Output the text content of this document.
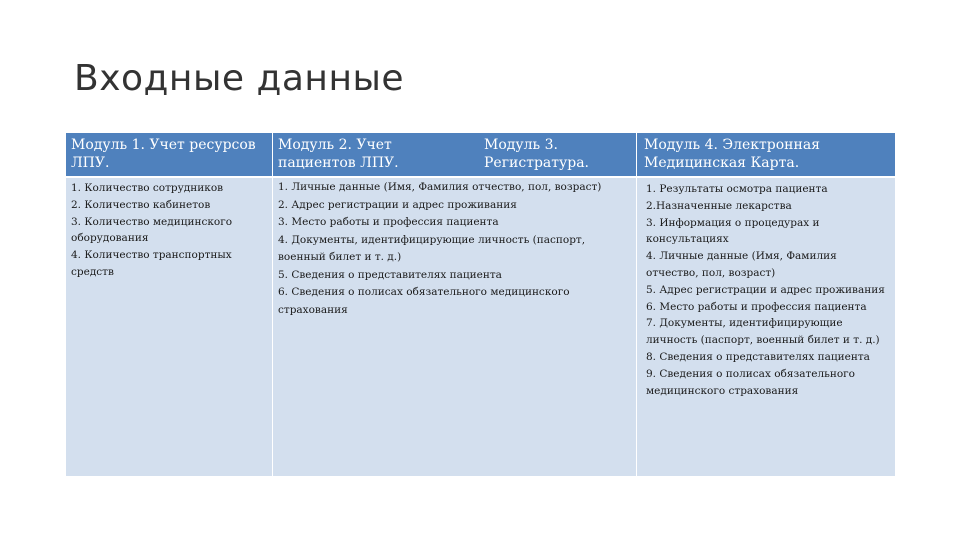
Входные данные
Модуль 1. Учет ресурсов ЛПУ.
Модуль 2. Учет пациентов ЛПУ.
Модуль 3. Регистратура.
Модуль 4. Электронная Медицинская Карта.
1. Количество сотрудников
2. Количество кабинетов
3. Количество медицинского оборудования
4. Количество транспортных средств
1. Личные данные (Имя, Фамилия отчество, пол, возраст)
2. Адрес регистрации и адрес проживания
3. Место работы и профессия пациента
4. Документы, идентифицирующие личность (паспорт, военный билет и т. д.)
5. Сведения о представителях пациента
6. Сведения о полисах обязательного медицинского страхования
1. Результаты осмотра пациента
2.Назначенные лекарства
3. Информация о процедурах и консультациях
4. Личные данные (Имя, Фамилия отчество, пол, возраст)
5. Адрес регистрации и адрес проживания
6. Место работы и профессия пациента
7. Документы, идентифицирующие личность (паспорт, военный билет и т. д.)
8. Сведения о представителях пациента
9. Сведения о полисах обязательного медицинского страхования
